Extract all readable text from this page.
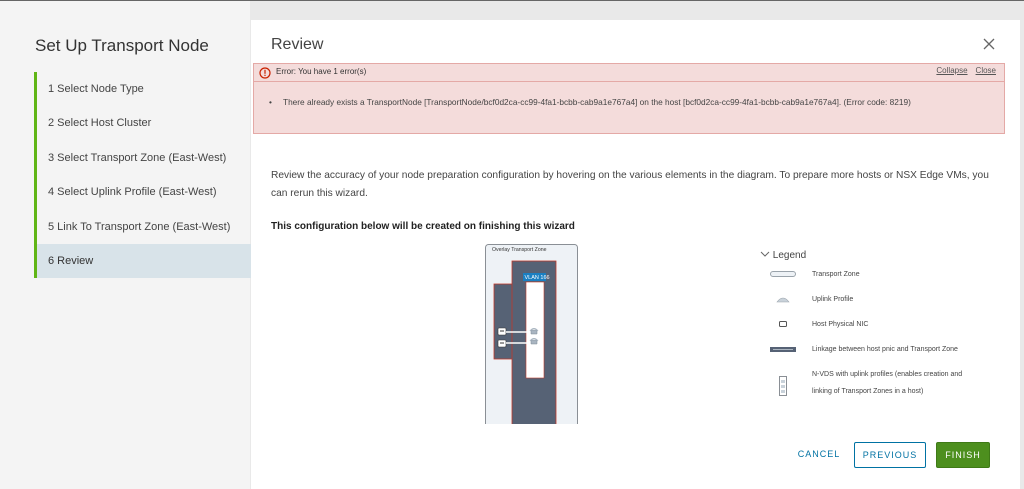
Set Up Transport Node
1 Select Node Type
2 Select Host Cluster
3 Select Transport Zone (East-West)
4 Select Uplink Profile (East-West)
5 Link To Transport Zone (East-West)
6 Review
Review
Error: You have 1 error(s)	Collapse Close
•	There already exists a TransportNode [TransportNode/bcf0d2ca-cc99-4fa1-bcbb-cab9a1e767a4] on the host [bcf0d2ca-cc99-4fa1-bcbb-cab9a1e767a4]. (Error code: 8219)
Review the accuracy of your node preparation configuration by hovering on the various elements in the diagram. To prepare more hosts or NSX Edge VMs, you can rerun this wizard.
This configuration below will be created on finishing this wizard
Overlay Transport Zone
VLAN 166
Legend
Transport Zone
Uplink Profile
Host Physical NIC
Linkage between host pnic and Transport Zone
N-VDS with uplink profiles (enables creation and
linking of Transport Zones in a host)
CANCEL	PREVIOUS	FINISH
